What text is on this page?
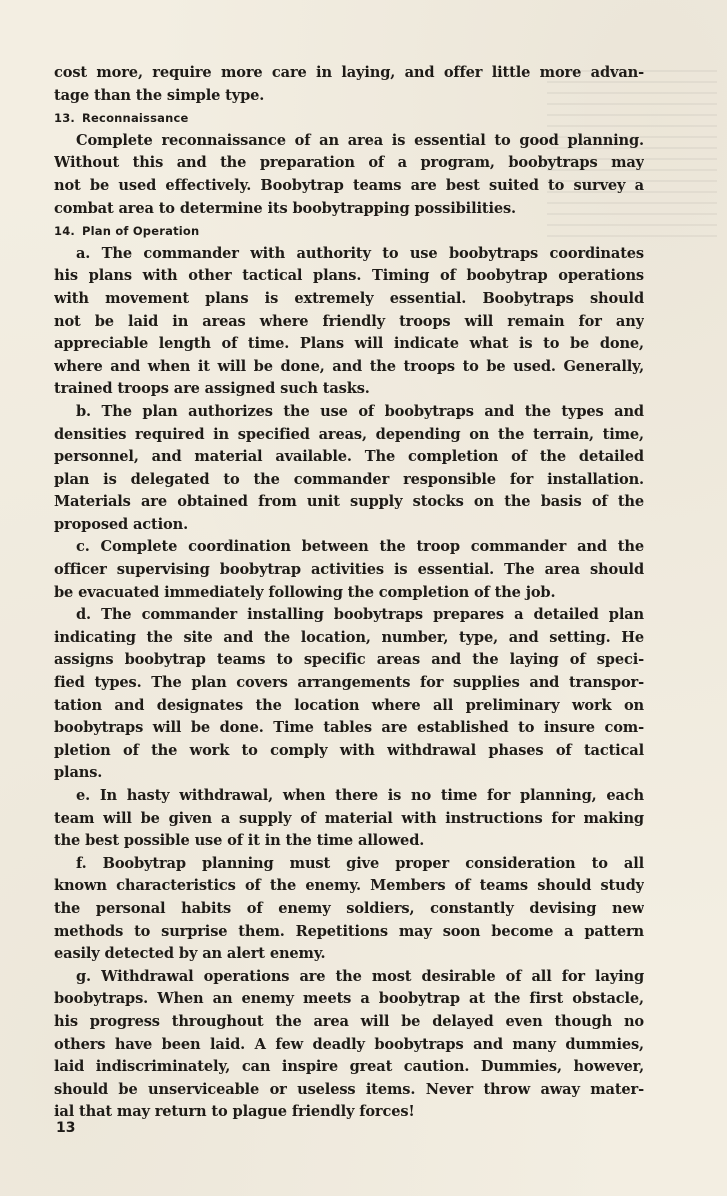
cost more, require more care in laying, and offer little more advan-
tage than the simple type.
13. Reconnaissance
Complete reconnaissance of an area is essential to good planning.
Without this and the preparation of a program, boobytraps may
not be used effectively. Boobytrap teams are best suited to survey a
combat area to determine its boobytrapping possibilities.
14. Plan of Operation
a. The commander with authority to use boobytraps coordinates
his plans with other tactical plans. Timing of boobytrap operations
with movement plans is extremely essential. Boobytraps should
not be laid in areas where friendly troops will remain for any
appreciable length of time. Plans will indicate what is to be done,
where and when it will be done, and the troops to be used. Generally,
trained troops are assigned such tasks.
b. The plan authorizes the use of boobytraps and the types and
densities required in specified areas, depending on the terrain, time,
personnel, and material available. The completion of the detailed
plan is delegated to the commander responsible for installation.
Materials are obtained from unit supply stocks on the basis of the
proposed action.
c. Complete coordination between the troop commander and the
officer supervising boobytrap activities is essential. The area should
be evacuated immediately following the completion of the job.
d. The commander installing boobytraps prepares a detailed plan
indicating the site and the location, number, type, and setting. He
assigns boobytrap teams to specific areas and the laying of speci-
fied types. The plan covers arrangements for supplies and transpor-
tation and designates the location where all preliminary work on
boobytraps will be done. Time tables are established to insure com-
pletion of the work to comply with withdrawal phases of tactical
plans.
e. In hasty withdrawal, when there is no time for planning, each
team will be given a supply of material with instructions for making
the best possible use of it in the time allowed.
f. Boobytrap planning must give proper consideration to all
known characteristics of the enemy. Members of teams should study
the personal habits of enemy soldiers, constantly devising new
methods to surprise them. Repetitions may soon become a pattern
easily detected by an alert enemy.
g. Withdrawal operations are the most desirable of all for laying
boobytraps. When an enemy meets a boobytrap at the first obstacle,
his progress throughout the area will be delayed even though no
others have been laid. A few deadly boobytraps and many dummies,
laid indiscriminately, can inspire great caution. Dummies, however,
should be unserviceable or useless items. Never throw away mater-
ial that may return to plague friendly forces!
13
